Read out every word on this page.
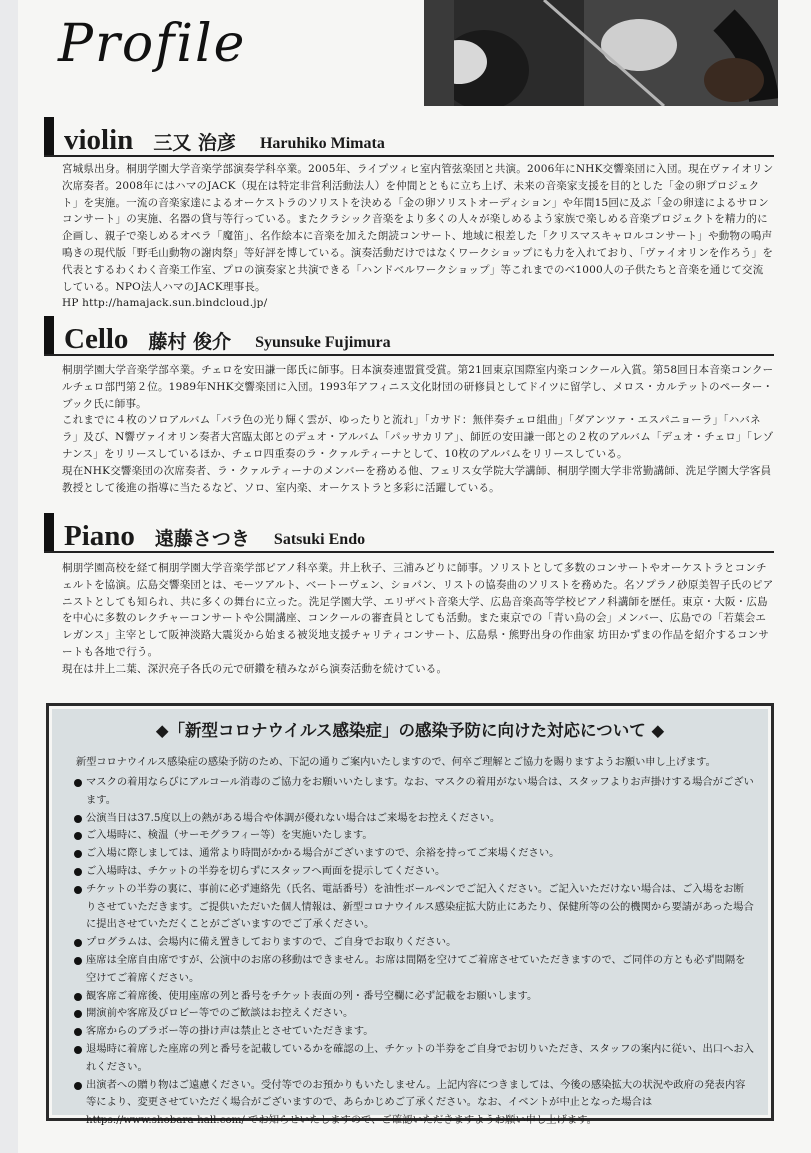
Profile
violin 三又 治彦 Haruhiko Mimata

宮城県出身。桐朋学園大学音楽学部演奏学科卒業。2005年、ライプツィヒ室内管弦楽団と共演。2006年にNHK交響楽団に入団。現在ヴァイオリン次席奏者。2008年にはハマのJACK（現在は特定非営利活動法人）を仲間とともに立ち上げ、未来の音楽家支援を目的とした「金の卵プロジェクト」を実施。一流の音楽家達によるオーケストラのソリストを決める「金の卵ソリストオーディション」や年間15回に及ぶ「金の卵達によるサロンコンサート」の実施、名器の貸与等行っている。またクラシック音楽をより多くの人々が楽しめるよう家族で楽しめる音楽プロジェクトを精力的に企画し、親子で楽しめるオペラ「魔笛」、名作絵本に音楽を加えた朗読コンサート、地域に根差した「クリスマスキャロルコンサート」や動物の鳴声鳴きの現代版「野毛山動物の謝肉祭」等好評を博している。演奏活動だけではなくワークショップにも力を入れており、「ヴァイオリンを作ろう」を代表とするわくわく音楽工作室、プロの演奏家と共演できる「ハンドベルワークショップ」等これまでのべ1000人の子供たちと音楽を通じて交流している。NPO法人ハマのJACK理事長。

HP http://hamajack.sun.bindcloud.jp/

Cello 藤村 俊介 Syunsuke Fujimura

桐朋学園大学音楽学部卒業。チェロを安田謙一郎氏に師事。日本演奏連盟賞受賞。第21回東京国際室内楽コンクール入賞。第58回日本音楽コンクールチェロ部門第２位。1989年NHK交響楽団に入団。1993年アフィニス文化財団の研修員としてドイツに留学し、メロス・カルテットのペーター・ブック氏に師事。

これまでに４枚のソロアルバム「バラ色の光り輝く雲が、ゆったりと流れ」「カサド：無伴奏チェロ組曲」「ダアンツァ・エスパニョーラ」「ハバネラ」及び、N響ヴァイオリン奏者大宮臨太郎とのデュオ・アルバム「パッサカリア」、師匠の安田謙一郎との２枚のアルバム「デュオ・チェロ」「レゾナンス」をリリースしているほか、チェロ四重奏のラ・クァルティーナとして、10枚のアルバムをリリースしている。

現在NHK交響楽団の次席奏者、ラ・クァルティーナのメンバーを務める他、フェリス女学院大学講師、桐朋学園大学非常勤講師、洗足学園大学客員教授として後進の指導に当たるなど、ソロ、室内楽、オーケストラと多彩に活躍している。

Piano 遠藤さつき Satsuki Endo

桐朋学園高校を経て桐朋学園大学音楽学部ピアノ科卒業。井上秋子、三浦みどりに師事。ソリストとして多数のコンサートやオーケストラとコンチェルトを協演。広島交響楽団とは、モーツアルト、ベートーヴェン、ショパン、リストの協奏曲のソリストを務めた。名ソプラノ砂原美智子氏のピアニストとしても知られ、共に多くの舞台に立った。洗足学園大学、エリザベト音楽大学、広島音楽高等学校ピアノ科講師を歴任。東京・大阪・広島を中心に多数のレクチャーコンサートや公開講座、コンクールの審査員としても活動。また東京での「青い鳥の会」メンバー、広島での「若葉会エレガンス」主宰として阪神淡路大震災から始まる被災地支援チャリティコンサート、広島県・熊野出身の作曲家 坊田かずまの作品を紹介するコンサートも各地で行う。

現在は井上二葉、深沢亮子各氏の元で研鑽を積みながら演奏活動を続けている。

◆「新型コロナウイルス感染症」の感染予防に向けた対応について ◆
新型コロナウイルス感染症の感染予防のため、下記の通りご案内いたしますので、何卒ご理解とご協力を賜りますようお願い申し上げます。
マスクの着用ならびにアルコール消毒のご協力をお願いいたします。なお、マスクの着用がない場合は、スタッフよりお声掛けする場合がございます。
公演当日は37.5度以上の熱がある場合や体調が優れない場合はご来場をお控えください。
ご入場時に、検温（サーモグラフィー等）を実施いたします。
ご入場に際しましては、通常より時間がかかる場合がございますので、余裕を持ってご来場ください。
ご入場時は、チケットの半券を切らずにスタッフへ両面を提示してください。
チケットの半券の裏に、事前に必ず連絡先（氏名、電話番号）を油性ボールペンでご記入ください。ご記入いただけない場合は、ご入場をお断りさせていただきます。ご提供いただいた個人情報は、新型コロナウイルス感染症拡大防止にあたり、保健所等の公的機関から要請があった場合に提出させていただくことがございますのでご了承ください。
プログラムは、会場内に備え置きしておりますので、ご自身でお取りください。
座席は全席自由席ですが、公演中のお席の移動はできません。お席は間隔を空けてご着席させていただきますので、ご同伴の方とも必ず間隔を空けてご着席ください。
観客席ご着席後、使用座席の列と番号をチケット表面の列・番号空欄に必ず記載をお願いします。
開演前や客席及びロビー等でのご歓談はお控えください。
客席からのブラボー等の掛け声は禁止とさせていただきます。
退場時に着席した座席の列と番号を記載しているかを確認の上、チケットの半券をご自身でお切りいただき、スタッフの案内に従い、出口へお入れください。
出演者への贈り物はご遠慮ください。受付等でのお預かりもいたしません。上記内容につきましては、今後の感染拡大の状況や政府の発表内容等により、変更させていただく場合がございますので、あらかじめご了承ください。なお、イベントが中止となった場合は https://www.shobara-hall.com/ でお知らせいたしますので、ご確認いただきますようお願い申し上げます。
